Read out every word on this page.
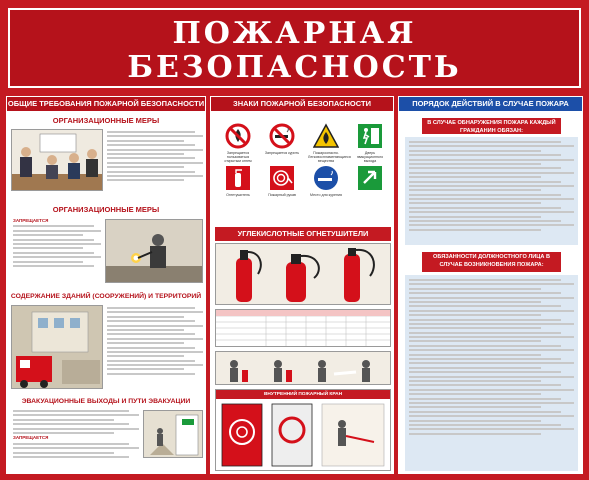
ПОЖАРНАЯ
БЕЗОПАСНОСТЬ
ОБЩИЕ ТРЕБОВАНИЯ ПОЖАРНОЙ БЕЗОПАСНОСТИ
ОРГАНИЗАЦИОННЫЕ МЕРЫ
ОРГАНИЗАЦИОННЫЕ МЕРЫ
ЗАПРЕЩАЕТСЯ
СОДЕРЖАНИЕ ЗДАНИЙ (СООРУЖЕНИЙ) И ТЕРРИТОРИЙ
ЭВАКУАЦИОННЫЕ ВЫХОДЫ И ПУТИ ЭВАКУАЦИИ
ЗАПРЕЩАЕТСЯ
ЗНАКИ ПОЖАРНОЙ БЕЗОПАСНОСТИ
Запрещается пользоваться открытым огнем
Запрещается курить	Пожароопасно. Легковоспламеняющиеся вещества
Дверь эвакуационного выхода
Огнетушитель	Пожарный рукав	Место для курения
УГЛЕКИСЛОТНЫЕ ОГНЕТУШИТЕЛИ
ВНУТРЕННИЙ ПОЖАРНЫЙ КРАН
ПОРЯДОК ДЕЙСТВИЙ В СЛУЧАЕ ПОЖАРА
В СЛУЧАЕ ОБНАРУЖЕНИЯ ПОЖАРА КАЖДЫЙ ГРАЖДАНИН ОБЯЗАН:
ОБЯЗАННОСТИ ДОЛЖНОСТНОГО ЛИЦА В СЛУЧАЕ ВОЗНИКНОВЕНИЯ ПОЖАРА:
